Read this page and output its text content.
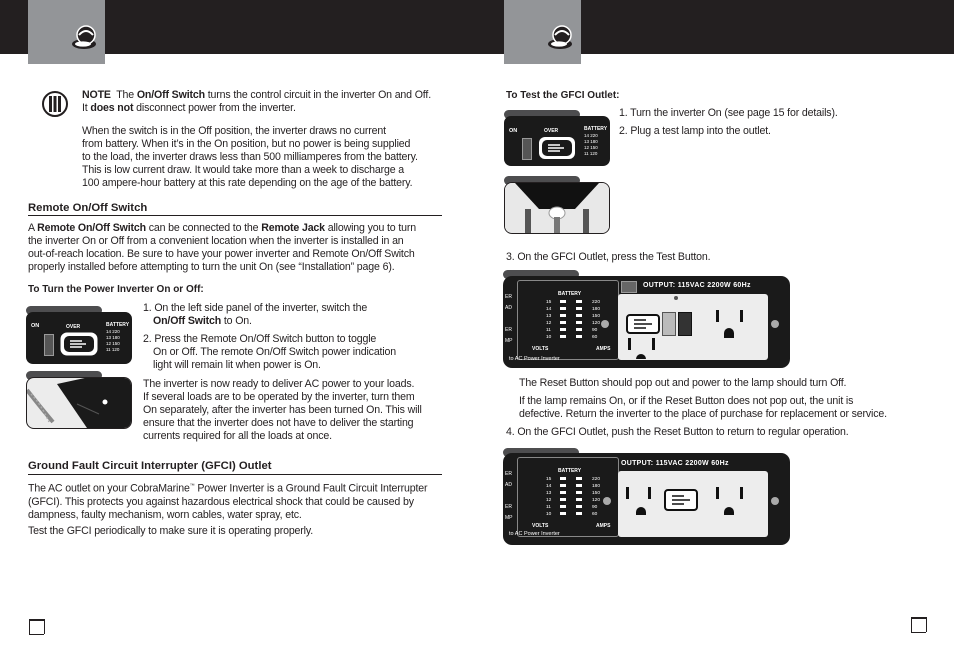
NOTE The On/Off Switch turns the control circuit in the inverter On and Off.
It does not disconnect power from the inverter.
When the switch is in the Off position, the inverter draws no current
from battery. When it’s in the On position, but no power is being supplied
to the load, the inverter draws less than 500 milliamperes from the battery.
This is low current draw. It would take more than a week to discharge a
100 ampere-hour battery at this rate depending on the age of the battery.
Remote On/Off Switch
A Remote On/Off Switch can be connected to the Remote Jack allowing you to turn
the inverter On or Off from a convenient location when the inverter is installed in an
out-of-reach location. Be sure to have your power inverter and Remote On/Off Switch
properly installed before attempting to turn the unit On (see “Installation” page 6).
To Turn the Power Inverter On or Off:
1. On the left side panel of the inverter, switch the
On/Off Switch to On.
2. Press the Remote On/Off Switch button to toggle
On or Off. The remote On/Off Switch power indication
light will remain lit when power is On.
The inverter is now ready to deliver AC power to your loads.
If several loads are to be operated by the inverter, turn them
On separately, after the inverter has been turned On. This will
ensure that the inverter does not have to deliver the starting
currents required for all the loads at once.
ON	OVER	BATTERY
14 220
13 180
12 150
11 120
Ground Fault Circuit Interrupter (GFCI) Outlet
The AC outlet on your CobraMarine™ Power Inverter is a Ground Fault Circuit Interrupter
(GFCI). This protects you against hazardous electrical shock that could be caused by
dampness, faulty mechanism, worn cables, water spray, etc.
Test the GFCI periodically to make sure it is operating properly.
To Test the GFCI Outlet:
1. Turn the inverter On (see page 15 for details).
2. Plug a test lamp into the outlet.
ON	OVER	BATTERY
14 220
13 180
12 150
11 120
3. On the GFCI Outlet, press the Test Button.
ER
AD

ER
MP
BATTERY
15
14
13
12
11
10
220
180
150
120
90
60
VOLTS	AMPS
to AC Power Inverter
OUTPUT: 115VAC 2200W 60Hz
The Reset Button should pop out and power to the lamp should turn Off.
If the lamp remains On, or if the Reset Button does not pop out, the unit is
defective. Return the inverter to the place of purchase for replacement or service.
4. On the GFCI Outlet, push the Reset Button to return to regular operation.
ER
AD

ER
MP
BATTERY
15
14
13
12
11
10
220
180
150
120
90
60
VOLTS	AMPS
to AC Power Inverter
OUTPUT: 115VAC 2200W 60Hz
